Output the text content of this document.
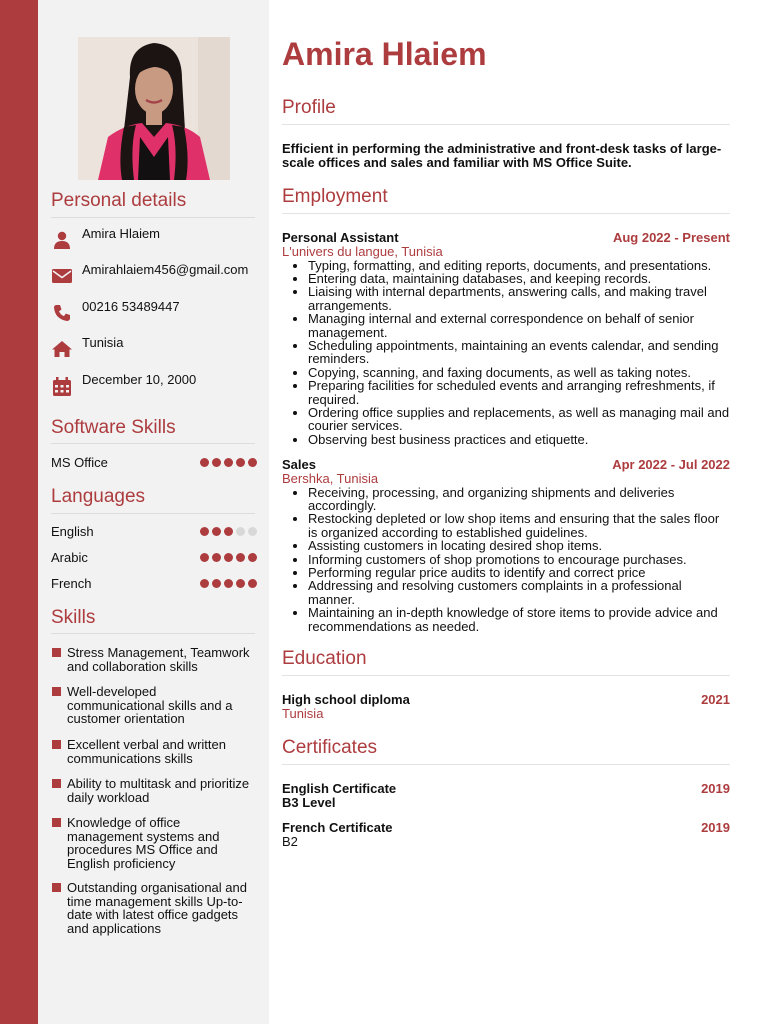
Personal details
Amira Hlaiem
Amirahlaiem456@gmail.com
00216 53489447
Tunisia
December 10, 2000
Software Skills
MS Office
Languages
English
Arabic
French
Skills
Stress Management, Teamwork and collaboration skills
Well-developed communicational skills and a customer orientation
Excellent verbal and written communications skills
Ability to multitask and prioritize daily workload
Knowledge of office management systems and procedures MS Office and English proficiency
Outstanding organisational and time management skills Up-to-date with latest office gadgets and applications
Amira Hlaiem
Profile
Efficient in performing the administrative and front-desk tasks of large-scale offices and sales and familiar with MS Office Suite.
Employment
Personal Assistant	Aug 2022 - Present
L'univers du langue, Tunisia
• Typing, formatting, and editing reports, documents, and presentations.
• Entering data, maintaining databases, and keeping records.
• Liaising with internal departments, answering calls, and making travel arrangements.
• Managing internal and external correspondence on behalf of senior management.
• Scheduling appointments, maintaining an events calendar, and sending reminders.
• Copying, scanning, and faxing documents, as well as taking notes.
• Preparing facilities for scheduled events and arranging refreshments, if required.
• Ordering office supplies and replacements, as well as managing mail and courier services.
• Observing best business practices and etiquette.
Sales	Apr 2022 - Jul 2022
Bershka, Tunisia
• Receiving, processing, and organizing shipments and deliveries accordingly.
• Restocking depleted or low shop items and ensuring that the sales floor is organized according to established guidelines.
• Assisting customers in locating desired shop items.
• Informing customers of shop promotions to encourage purchases.
• Performing regular price audits to identify and correct price
• Addressing and resolving customers complaints in a professional manner.
• Maintaining an in-depth knowledge of store items to provide advice and recommendations as needed.
Education
High school diploma	2021
Tunisia
Certificates
English Certificate	2019
B3 Level
French Certificate	2019
B2
